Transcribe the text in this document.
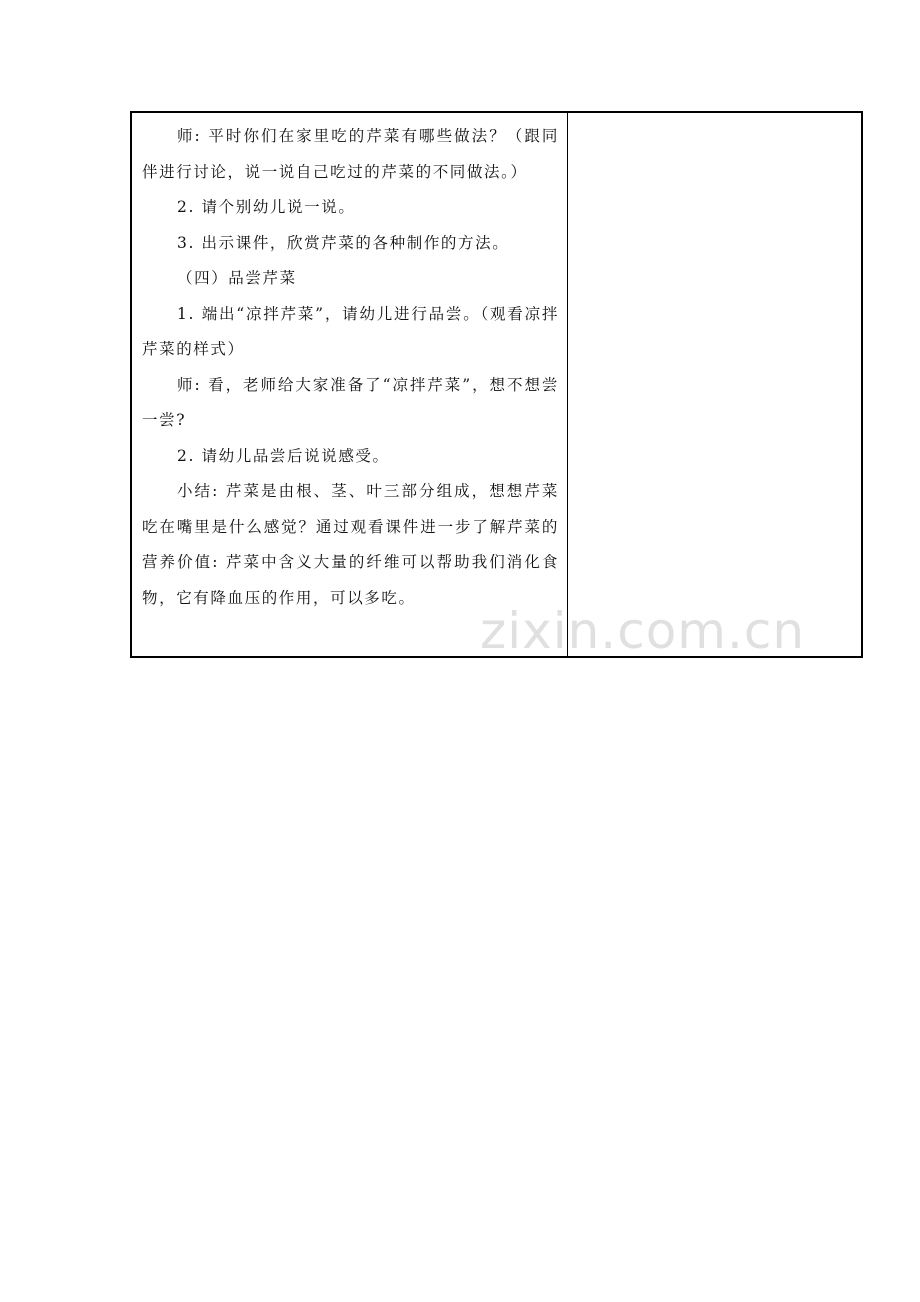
师: 平时你们在家里吃的芹菜有哪些做法？（跟同伴进行讨论，说一说自己吃过的芹菜的不同做法。）

2. 请个别幼儿说一说。

3. 出示课件，欣赏芹菜的各种制作的方法。

（四）品尝芹菜

1. 端出“凉拌芹菜”，请幼儿进行品尝。（观看凉拌芹菜的样式）

师: 看，老师给大家准备了“凉拌芹菜”，想不想尝一尝?

2. 请幼儿品尝后说说感受。

小结: 芹菜是由根、茎、叶三部分组成，想想芹菜吃在嘴里是什么感觉？通过观看课件进一步了解芹菜的营养价值: 芹菜中含义大量的纤维可以帮助我们消化食物，它有降血压的作用，可以多吃。

zixin.com.cn
